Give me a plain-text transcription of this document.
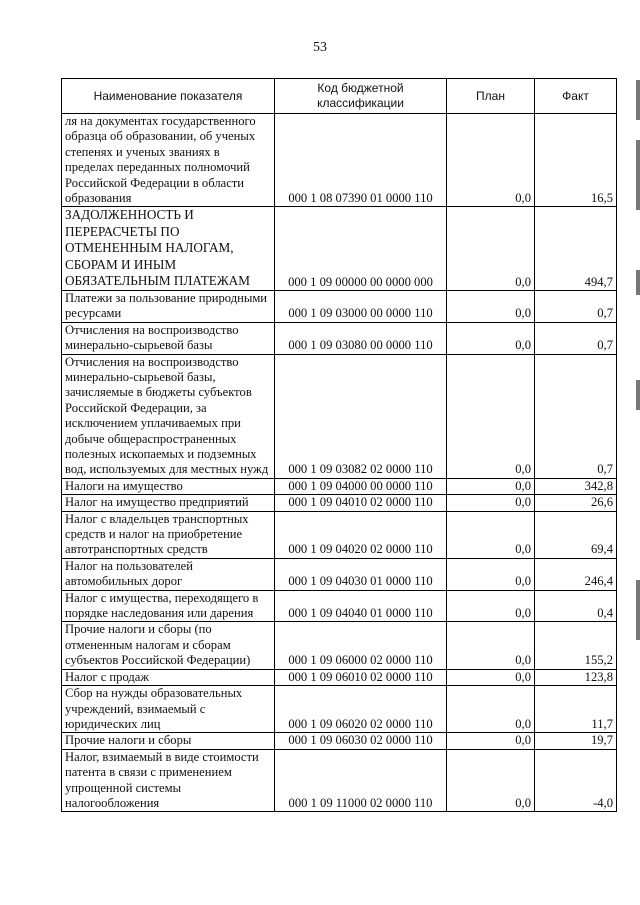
53
Наименование показателя	Код бюджетной классификации	План	Факт
ля на документах государственного образца об образовании, об ученых степенях и ученых званиях в пределах переданных полномочий Российской Федерации в области образования	000 1 08 07390 01 0000 110	0,0	16,5
ЗАДОЛЖЕННОСТЬ И ПЕРЕРАСЧЕТЫ ПО ОТМЕНЕННЫМ НАЛОГАМ, СБОРАМ И ИНЫМ ОБЯЗАТЕЛЬНЫМ ПЛАТЕЖАМ	000 1 09 00000 00 0000 000	0,0	494,7
Платежи за пользование природными ресурсами	000 1 09 03000 00 0000 110	0,0	0,7
Отчисления на воспроизводство минерально-сырьевой базы	000 1 09 03080 00 0000 110	0,0	0,7
Отчисления на воспроизводство минерально-сырьевой базы, зачисляемые в бюджеты субъектов Российской Федерации, за исключением уплачиваемых при добыче общераспространенных полезных ископаемых и подземных вод, используемых для местных нужд	000 1 09 03082 02 0000 110	0,0	0,7
Налоги на имущество	000 1 09 04000 00 0000 110	0,0	342,8
Налог на имущество предприятий	000 1 09 04010 02 0000 110	0,0	26,6
Налог с владельцев транспортных средств и налог на приобретение автотранспортных средств	000 1 09 04020 02 0000 110	0,0	69,4
Налог на пользователей автомобильных дорог	000 1 09 04030 01 0000 110	0,0	246,4
Налог с имущества, переходящего в порядке наследования или дарения	000 1 09 04040 01 0000 110	0,0	0,4
Прочие налоги и сборы (по отмененным налогам и сборам субъектов Российской Федерации)	000 1 09 06000 02 0000 110	0,0	155,2
Налог с продаж	000 1 09 06010 02 0000 110	0,0	123,8
Сбор на нужды образовательных учреждений, взимаемый с юридических лиц	000 1 09 06020 02 0000 110	0,0	11,7
Прочие налоги и сборы	000 1 09 06030 02 0000 110	0,0	19,7
Налог, взимаемый в виде стоимости патента в связи с применением упрощенной системы налогообложения	000 1 09 11000 02 0000 110	0,0	-4,0
